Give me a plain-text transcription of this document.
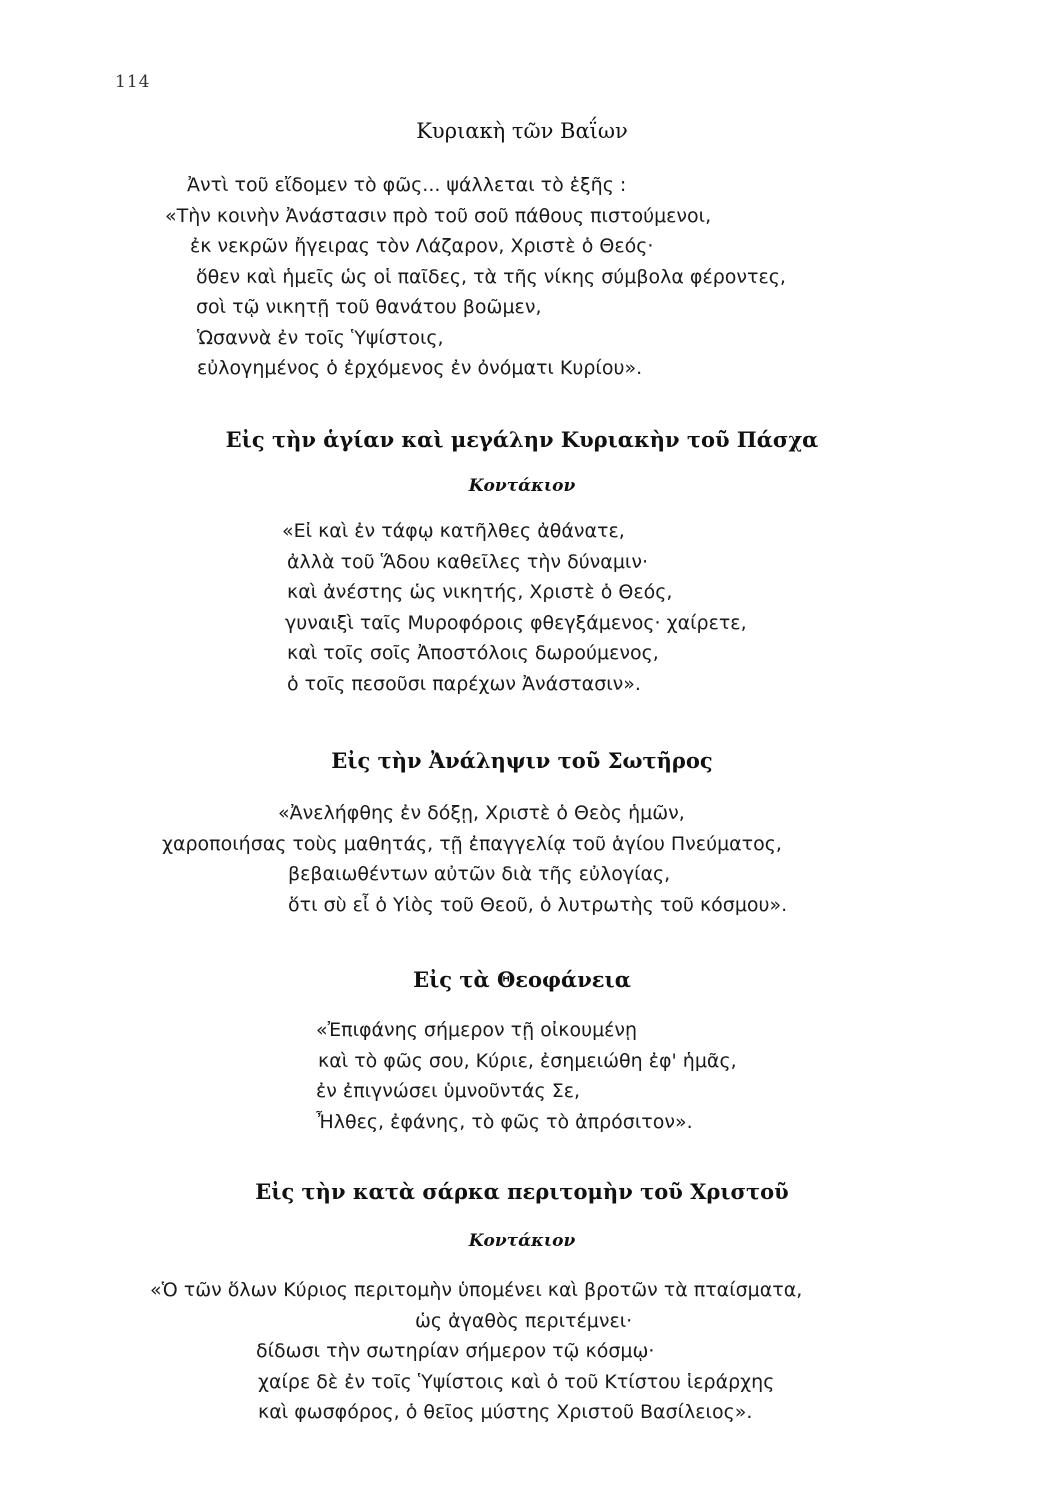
114
Κυριακὴ τῶν Βαΐων
Ἀντὶ τοῦ εἴδομεν τὸ φῶς... ψάλλεται τὸ ἑξῆς :
«Τὴν κοινὴν Ἀνάστασιν πρὸ τοῦ σοῦ πάθους πιστούμενοι,
ἐκ νεκρῶν ἤγειρας τὸν Λάζαρον, Χριστὲ ὁ Θεός·
ὅθεν καὶ ἡμεῖς ὡς οἱ παῖδες, τὰ τῆς νίκης σύμβολα φέροντες,
σοὶ τῷ νικητῇ τοῦ θανάτου βοῶμεν,
Ὡσαννὰ ἐν τοῖς Ὑψίστοις,
εὐλογημένος ὁ ἐρχόμενος ἐν ὀνόματι Κυρίου».
Εἰς τὴν ἁγίαν καὶ μεγάλην Κυριακὴν τοῦ Πάσχα
Κοντάκιον
«Εἰ καὶ ἐν τάφῳ κατῆλθες ἀθάνατε,
ἀλλὰ τοῦ Ἅδου καθεῖλες τὴν δύναμιν·
καὶ ἀνέστης ὡς νικητής, Χριστὲ ὁ Θεός,
γυναιξὶ ταῖς Μυροφόροις φθεγξάμενος· χαίρετε,
καὶ τοῖς σοῖς Ἀποστόλοις δωρούμενος,
ὁ τοῖς πεσοῦσι παρέχων Ἀνάστασιν».
Εἰς τὴν Ἀνάληψιν τοῦ Σωτῆρος
«Ἀνελήφθης ἐν δόξῃ, Χριστὲ ὁ Θεὸς ἡμῶν,
χαροποιήσας τοὺς μαθητάς, τῇ ἐπαγγελίᾳ τοῦ ἁγίου Πνεύματος,
βεβαιωθέντων αὐτῶν διὰ τῆς εὐλογίας,
ὅτι σὺ εἶ ὁ Υἱὸς τοῦ Θεοῦ, ὁ λυτρωτὴς τοῦ κόσμου».
Εἰς τὰ Θεοφάνεια
«Ἐπιφάνης σήμερον τῇ οἰκουμένῃ
καὶ τὸ φῶς σου, Κύριε, ἐσημειώθη ἐφ' ἡμᾶς,
ἐν ἐπιγνώσει ὑμνοῦντάς Σε,
Ἦλθες, ἐφάνης, τὸ φῶς τὸ ἀπρόσιτον».
Εἰς τὴν κατὰ σάρκα περιτομὴν τοῦ Χριστοῦ
Κοντάκιον
«Ὁ τῶν ὅλων Κύριος περιτομὴν ὑπομένει καὶ βροτῶν τὰ πταίσματα,
ὡς ἀγαθὸς περιτέμνει·
δίδωσι τὴν σωτηρίαν σήμερον τῷ κόσμῳ·
χαίρε δὲ ἐν τοῖς Ὑψίστοις καὶ ὁ τοῦ Κτίστου ἱεράρχης
καὶ φωσφόρος, ὁ θεῖος μύστης Χριστοῦ Βασίλειος».
